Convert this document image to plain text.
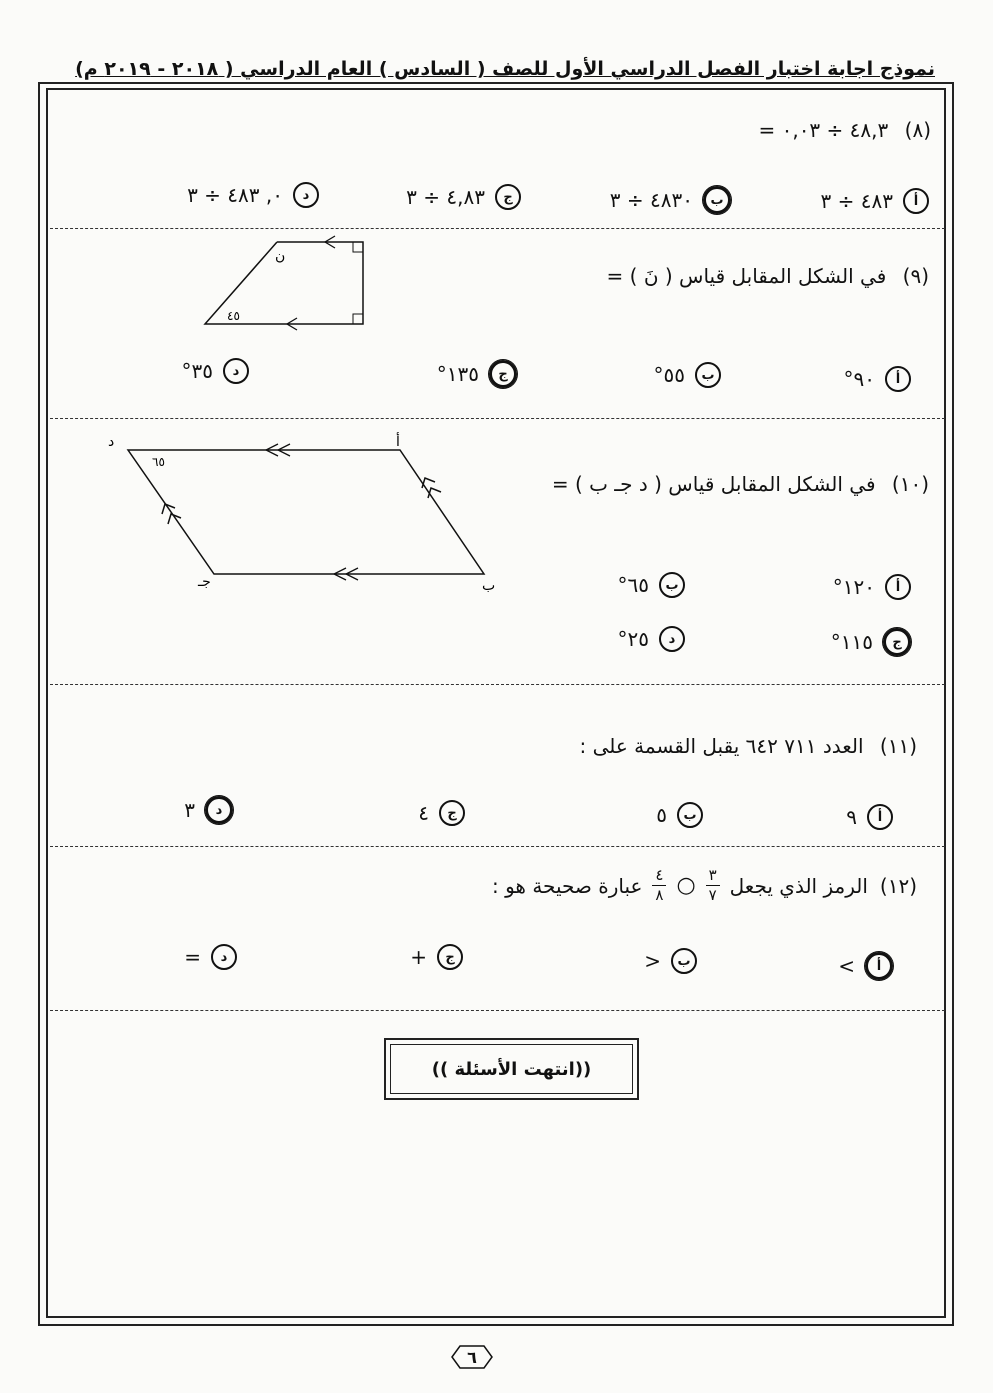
نموذج اجابة اختبار الفصل الدراسي الأول للصف ( السادس ) العام الدراسي ( ٢٠١٨ - ٢٠١٩ م)
(٨) ٤٨,٣ ÷ ٠,٠٣ =
أ
٤٨٣ ÷ ٣
ب
٤٨٣٠ ÷ ٣
ج
٤,٨٣ ÷ ٣
د
٠, ٤٨٣ ÷ ٣
(٩) في الشكل المقابل قياس ( نَ ) =
ن
٤٥
أ
٩٠°
ب
٥٥°
ج
١٣٥°
د
٣٥°
أ
ب
جـ
د
٦٥
(١٠) في الشكل المقابل قياس ( د جـ ب ) =
أ
١٢٠°
ب
٦٥°
ج
١١٥°
د
٢٥°
(١١) العدد ٧١١ ٦٤٢ يقبل القسمة على :
أ
٩
ب
٥
ج
٤
د
٣
(١٢)
الرمز الذي يجعل
$\frac{٣}{٧}$
○
$\frac{٤}{٨}$
عبارة صحيحة هو :
أ
>
ب
<
ج
+
د
=
((انتهت الأسئلة ))
٦
